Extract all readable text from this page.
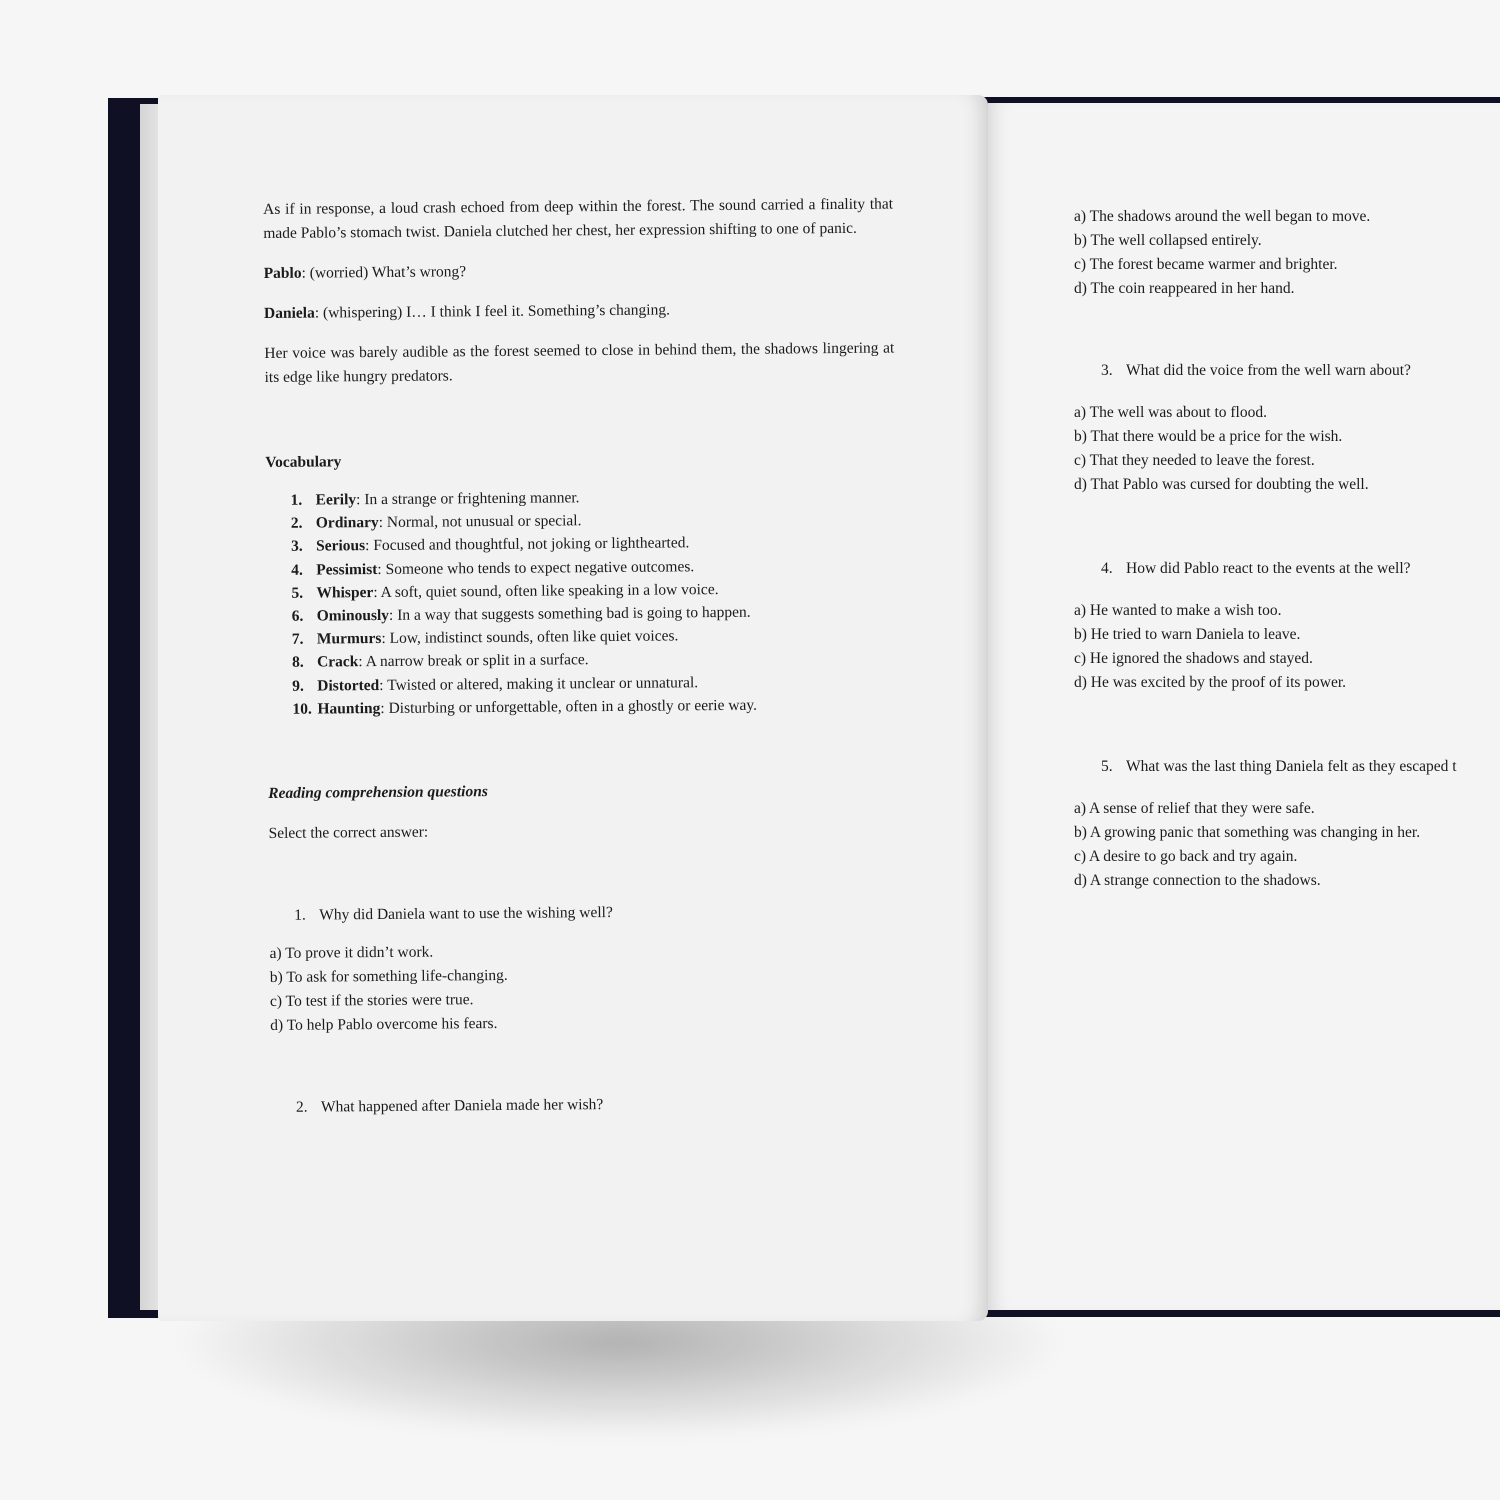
As if in response, a loud crash echoed from deep within the forest. The sound carried a finality that made Pablo’s stomach twist. Daniela clutched her chest, her expression shifting to one of panic.

Pablo: (worried) What’s wrong?

Daniela: (whispering) I… I think I feel it. Something’s changing.

Her voice was barely audible as the forest seemed to close in behind them, the shadows lingering at its edge like hungry predators.

Vocabulary

1. Eerily: In a strange or frightening manner.
2. Ordinary: Normal, not unusual or special.
3. Serious: Focused and thoughtful, not joking or lighthearted.
4. Pessimist: Someone who tends to expect negative outcomes.
5. Whisper: A soft, quiet sound, often like speaking in a low voice.
6. Ominously: In a way that suggests something bad is going to happen.
7. Murmurs: Low, indistinct sounds, often like quiet voices.
8. Crack: A narrow break or split in a surface.
9. Distorted: Twisted or altered, making it unclear or unnatural.
10. Haunting: Disturbing or unforgettable, often in a ghostly or eerie way.

Reading comprehension questions

Select the correct answer:

1. Why did Daniela want to use the wishing well?

a) To prove it didn’t work.

b) To ask for something life-changing.

c) To test if the stories were true.

d) To help Pablo overcome his fears.

2. What happened after Daniela made her wish?

a) The shadows around the well began to move.

b) The well collapsed entirely.

c) The forest became warmer and brighter.

d) The coin reappeared in her hand.

3. What did the voice from the well warn about?

a) The well was about to flood.

b) That there would be a price for the wish.

c) That they needed to leave the forest.

d) That Pablo was cursed for doubting the well.

4. How did Pablo react to the events at the well?

a) He wanted to make a wish too.

b) He tried to warn Daniela to leave.

c) He ignored the shadows and stayed.

d) He was excited by the proof of its power.

5. What was the last thing Daniela felt as they escaped t

a) A sense of relief that they were safe.

b) A growing panic that something was changing in her.

c) A desire to go back and try again.

d) A strange connection to the shadows.
